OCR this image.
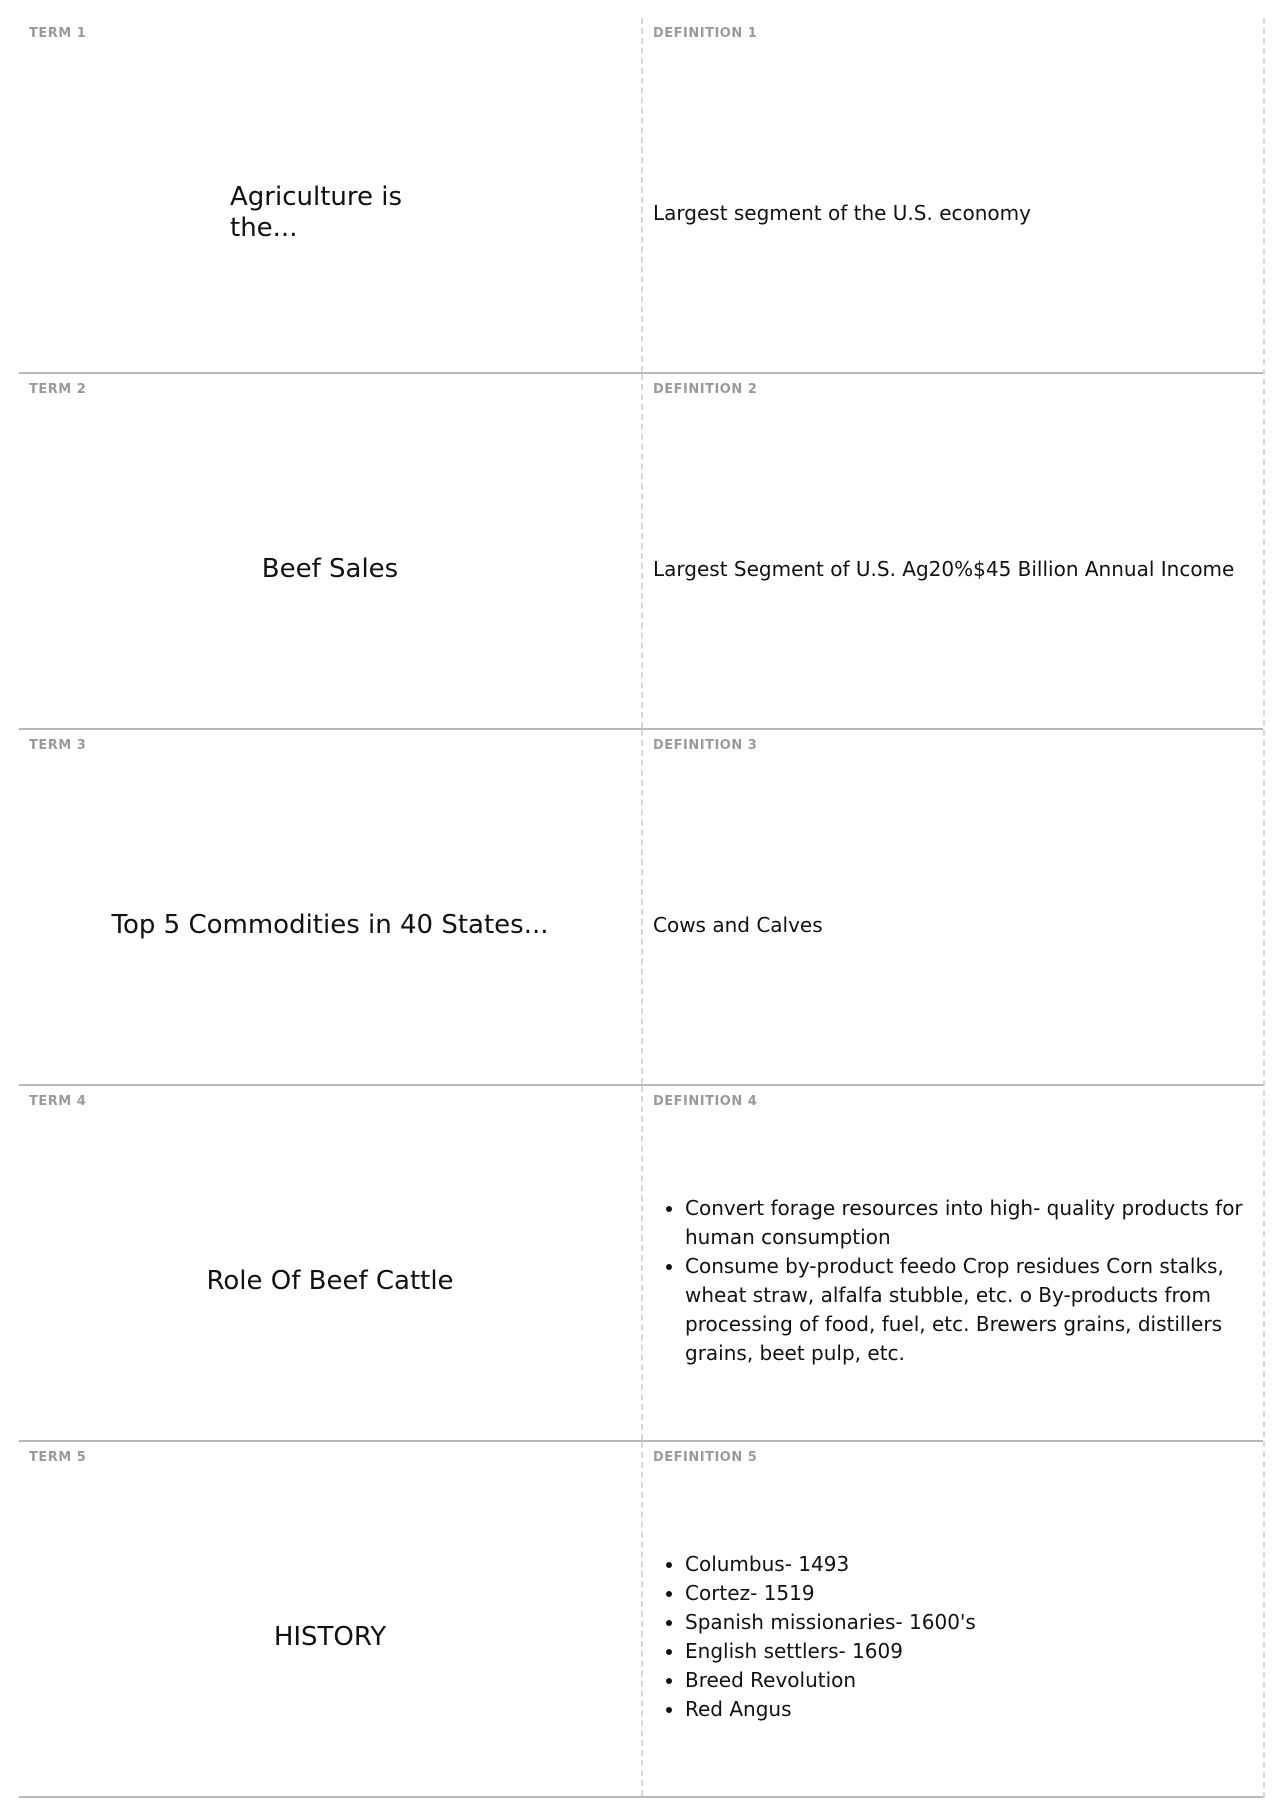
TERM 1
Agriculture is the...
DEFINITION 1
Largest segment of the U.S. economy
TERM 2
Beef Sales
DEFINITION 2
Largest Segment of U.S. Ag20%$45 Billion Annual Income
TERM 3
Top 5 Commodities in 40 States...
DEFINITION 3
Cows and Calves
TERM 4
Role Of Beef Cattle
DEFINITION 4
• Convert forage resources into high- quality products for human consumption
• Consume by-product feedo Crop residues Corn stalks, wheat straw, alfalfa stubble, etc. o By-products from processing of food, fuel, etc. Brewers grains, distillers grains, beet pulp, etc.
TERM 5
HISTORY
DEFINITION 5
• Columbus- 1493
• Cortez- 1519
• Spanish missionaries- 1600's
• English settlers- 1609
• Breed Revolution
• Red Angus
